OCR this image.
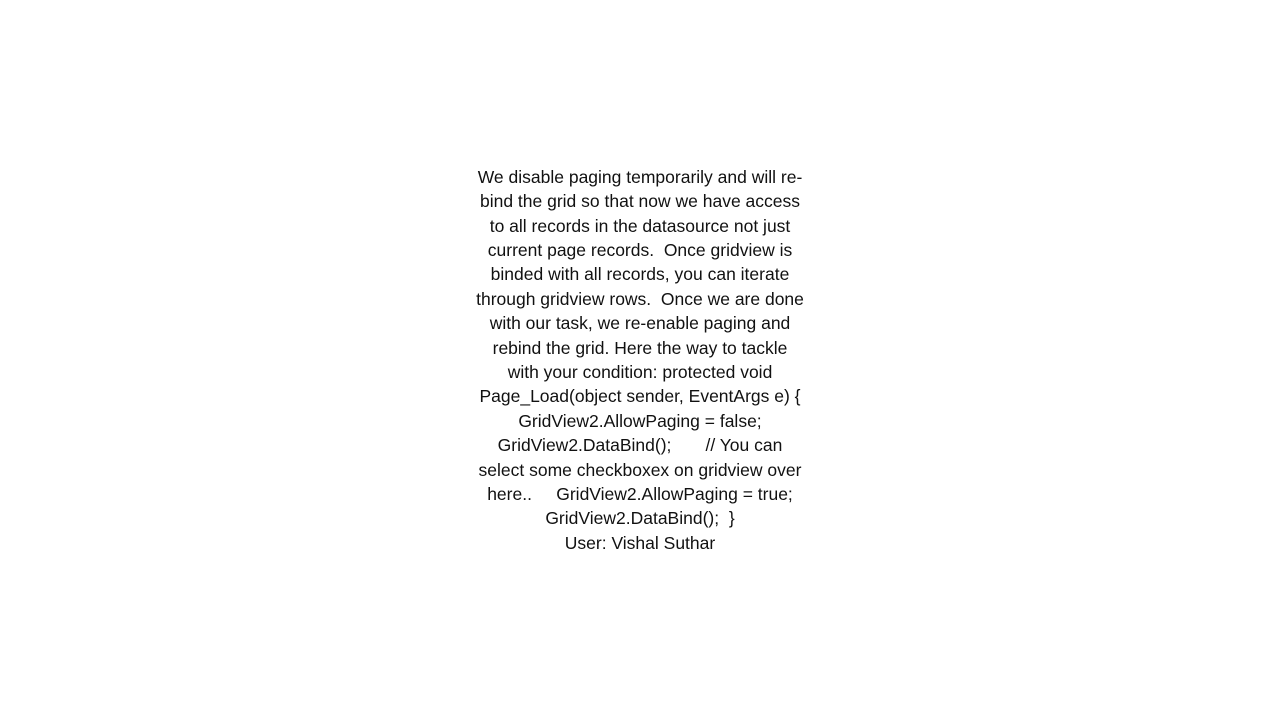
We disable paging temporarily and will re-bind the grid so that now we have access to all records in the datasource not just current page records.  Once gridview is binded with all records, you can iterate through gridview rows.  Once we are done with our task, we re-enable paging and rebind the grid. Here the way to tackle with your condition: protected void Page_Load(object sender, EventArgs e) {     GridView2.AllowPaging = false;     GridView2.DataBind();       // You can select some checkboxex on gridview over here..     GridView2.AllowPaging = true;     GridView2.DataBind();  }
User: Vishal Suthar
